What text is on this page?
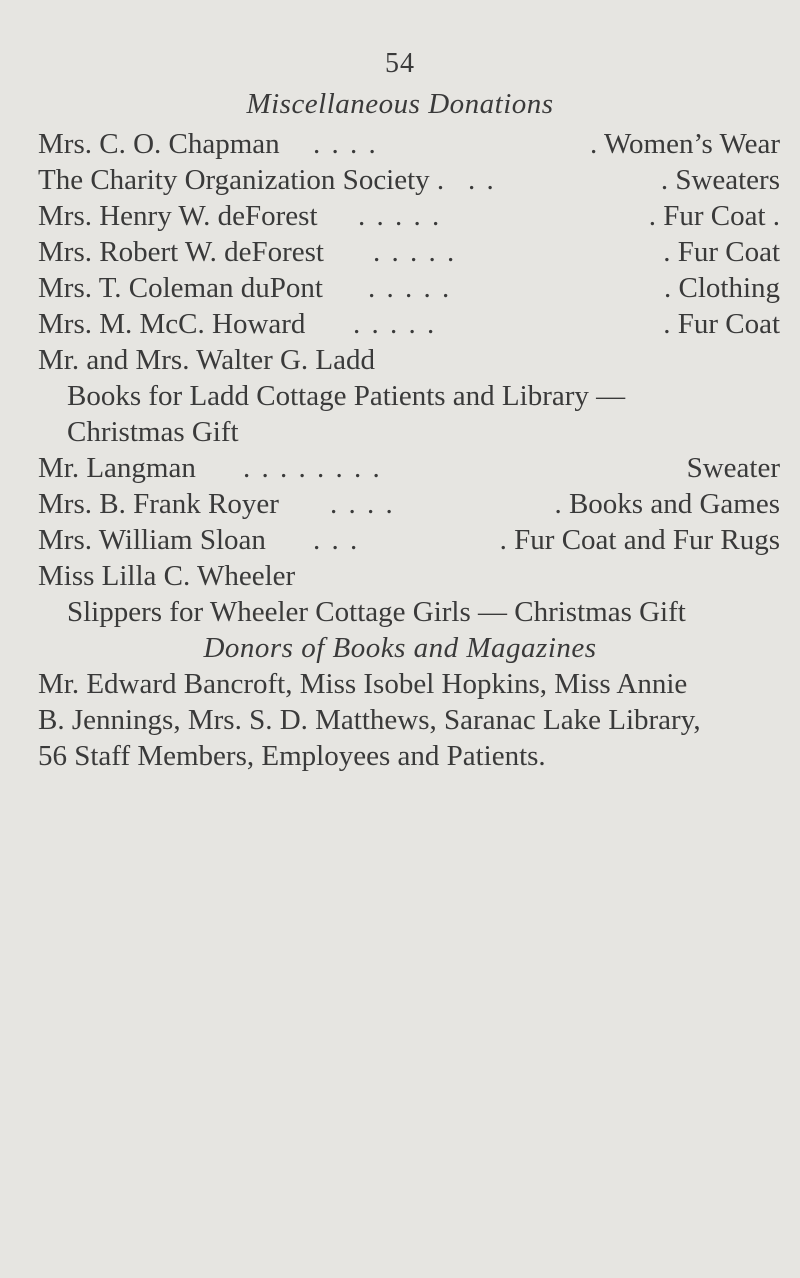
54
Miscellaneous Donations
Mrs. C. O. Chapman . . . .	. Women’s Wear
The Charity Organization Society . . .	. Sweaters
Mrs. Henry W. deForest . . . . .	. Fur Coat .
Mrs. Robert W. deForest . . . . .	. Fur Coat
Mrs. T. Coleman duPont . . . . .	. Clothing
Mrs. M. McC. Howard . . . . .	. Fur Coat
Mr. and Mrs. Walter G. Ladd
Books for Ladd Cottage Patients and Library —
Christmas Gift
Mr. Langman . . . . . . . .	Sweater
Mrs. B. Frank Royer . . . .	. Books and Games
Mrs. William Sloan . . .	. Fur Coat and Fur Rugs
Miss Lilla C. Wheeler
Slippers for Wheeler Cottage Girls — Christmas Gift
Donors of Books and Magazines
Mr. Edward Bancroft, Miss Isobel Hopkins, Miss Annie
B. Jennings, Mrs. S. D. Matthews, Saranac Lake Library,
56 Staff Members, Employees and Patients.
